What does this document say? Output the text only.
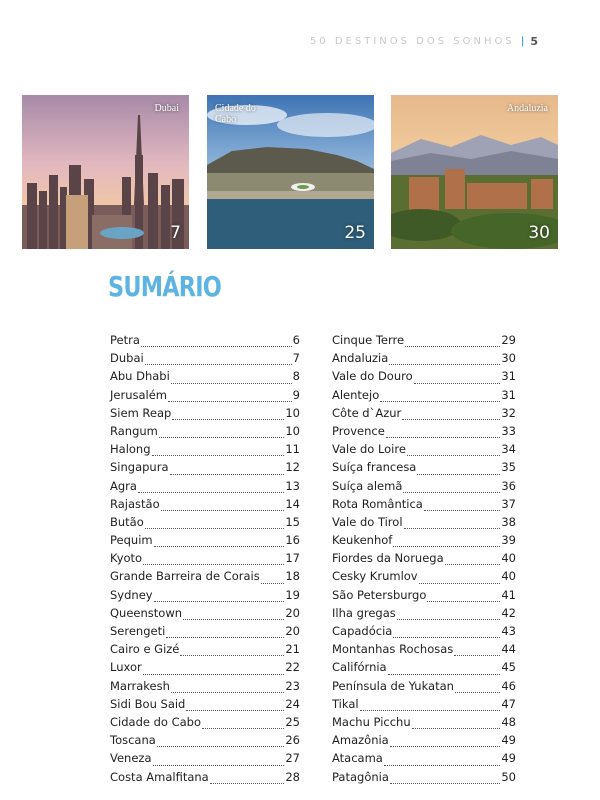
50 DESTINOS DOS SONHOS | 5
Dubai
7
Cidade do Cabo
25
Andaluzia
30
SUMÁRIO
Petra	6
Dubai	7
Abu Dhabi	8
Jerusalém	9
Siem Reap	10
Rangum	10
Halong	11
Singapura	12
Agra	13
Rajastão	14
Butão	15
Pequim	16
Kyoto	17
Grande Barreira de Corais 18
Sydney	19
Queenstown	20
Serengeti	20
Cairo e Gizé	21
Luxor	22
Marrakesh	23
Sidi Bou Said	24
Cidade do Cabo	25
Toscana	26
Veneza	27
Costa Amalfitana	28
Cinque Terre	29
Andaluzia	30
Vale do Douro	31
Alentejo	31
Côte d`Azur	32
Provence	33
Vale do Loire	34
Suíça francesa	35
Suíça alemã	36
Rota Romântica	37
Vale do Tirol	38
Keukenhof	39
Fiordes da Noruega	40
Cesky Krumlov	40
São Petersburgo	41
Ilha gregas	42
Capadócia	43
Montanhas Rochosas	44
Califórnia	45
Península de Yukatan	46
Tikal	47
Machu Picchu	48
Amazônia	49
Atacama	49
Patagônia	50
